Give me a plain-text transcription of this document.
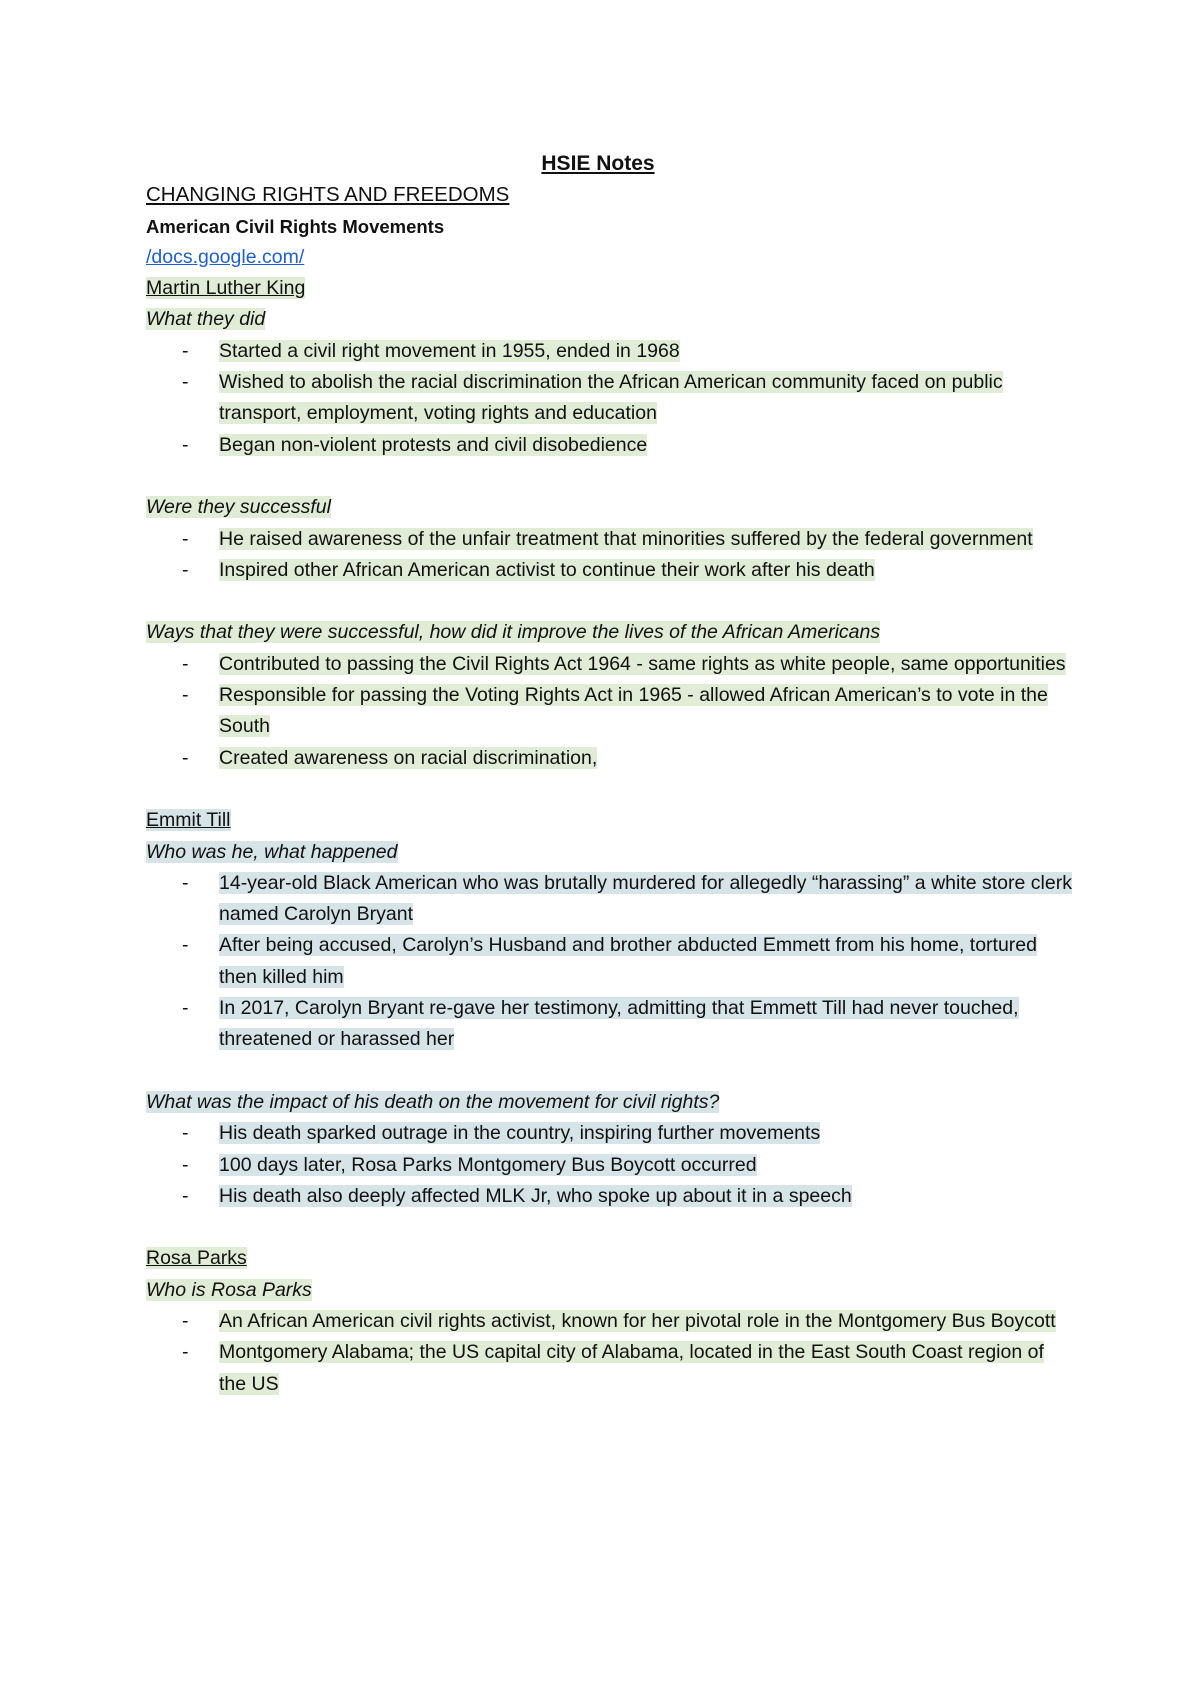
HSIE Notes
CHANGING RIGHTS AND FREEDOMS
American Civil Rights Movements
/docs.google.com/
Martin Luther King
What they did
- Started a civil right movement in 1955, ended in 1968
- Wished to abolish the racial discrimination the African American community faced on public transport, employment, voting rights and education
- Began non-violent protests and civil disobedience
Were they successful
- He raised awareness of the unfair treatment that minorities suffered by the federal government
- Inspired other African American activist to continue their work after his death
Ways that they were successful, how did it improve the lives of the African Americans
- Contributed to passing the Civil Rights Act 1964 - same rights as white people, same opportunities
- Responsible for passing the Voting Rights Act in 1965 - allowed African American’s to vote in the South
- Created awareness on racial discrimination,
Emmit Till
Who was he, what happened
- 14-year-old Black American who was brutally murdered for allegedly “harassing” a white store clerk named Carolyn Bryant
- After being accused, Carolyn’s Husband and brother abducted Emmett from his home, tortured then killed him
- In 2017, Carolyn Bryant re-gave her testimony, admitting that Emmett Till had never touched, threatened or harassed her
What was the impact of his death on the movement for civil rights?
- His death sparked outrage in the country, inspiring further movements
- 100 days later, Rosa Parks Montgomery Bus Boycott occurred
- His death also deeply affected MLK Jr, who spoke up about it in a speech
Rosa Parks
Who is Rosa Parks
- An African American civil rights activist, known for her pivotal role in the Montgomery Bus Boycott
- Montgomery Alabama; the US capital city of Alabama, located in the East South Coast region of the US
